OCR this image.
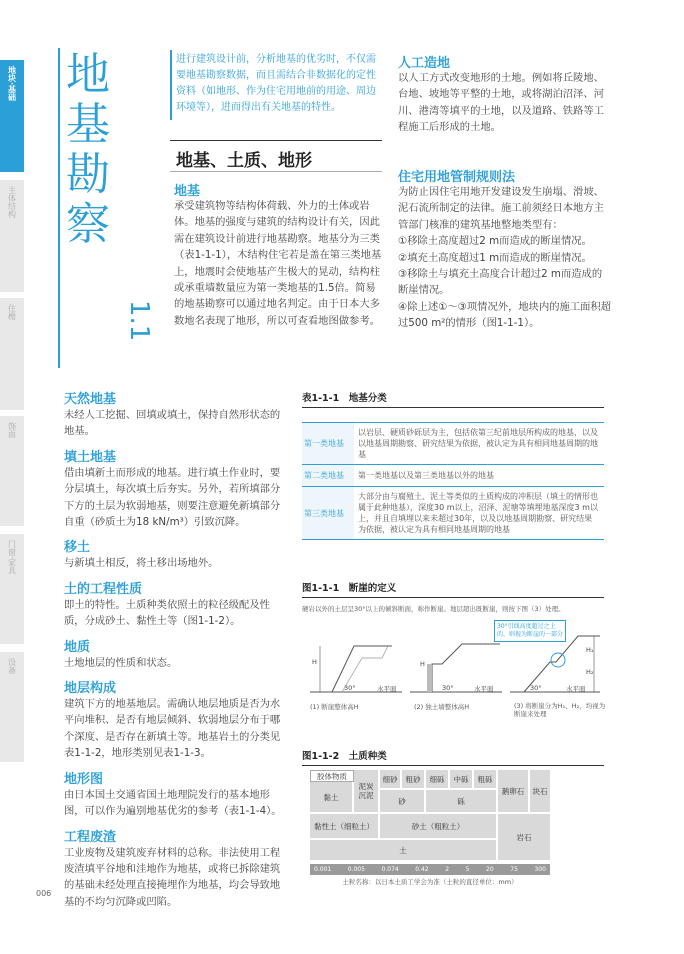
地块·基础
主体结构
住檐
饰面
门窗·家具
设备
地基勘察
1.1
进行建筑设计前，分析地基的优劣时，不仅需要地基勘察数据，而且需结合非数据化的定性资料（如地形、作为住宅用地前的用途、周边环境等），进而得出有关地基的特性。
地基、土质、地形
地基
承受建筑物等结构体荷载、外力的土体或岩体。地基的强度与建筑的结构设计有关，因此需在建筑设计前进行地基勘察。地基分为三类（表1-1-1），木结构住宅若是盖在第三类地基上，地震时会使地基产生极大的晃动，结构柱或承重墙数量应为第一类地基的1.5倍。简易的地基勘察可以通过地名判定。由于日本大多数地名表现了地形，所以可查看地图做参考。
人工造地
以人工方式改变地形的土地。例如将丘陵地、台地、坡地等平整的土地，或将湖泊沼泽、河川、港湾等填平的土地，以及道路、铁路等工程施工后形成的土地。
住宅用地管制规则法
为防止因住宅用地开发建设发生崩塌、滑坡、泥石流所制定的法律。施工前须经日本地方主管部门核准的建筑基地整地类型有：
①移除土高度超过2 m而造成的断崖情况。
②填充土高度超过1 m而造成的断崖情况。
③移除土与填充土高度合计超过2 m而造成的断崖情况。
④除上述①～③项情况外，地块内的施工面积超过500 m²的情形（图1-1-1）。
天然地基
未经人工挖掘、回填或填土，保持自然形状态的地基。
填土地基
借由填新土而形成的地基。进行填土作业时，要分层填土，每次填土后夯实。另外，若所填部分下方的土层为软弱地基，则要注意避免新填部分自重（砂质土为18 kN/m³）引致沉降。
移土
与新填土相反，将土移出场地外。
土的工程性质
即土的特性。土质种类依照土的粒径级配及性质，分成砂土、黏性土等（图1-1-2）。
地质
土地地层的性质和状态。
地层构成
建筑下方的地基地层。需确认地层地质是否为水平向堆积、是否有地层倾斜、软弱地层分布于哪个深度、是否存在新填土等。地基岩土的分类见表1-1-2，地形类别见表1-1-3。
地形图
由日本国土交通省国土地理院发行的基本地形图，可以作为遍别地基优劣的参考（表1-1-4）。
工程废渣
工业废物及建筑废弃材料的总称。非法使用工程废渣填平谷地和洼地作为地基，或将已拆除建筑的基础未经处理直接掩埋作为地基，均会导致地基的不均匀沉降或凹陷。
006
表1-1-1　地基分类
第一类地基	以岩层、硬质砂砾层为主，包括依第三纪前地层所构成的地基，以及以地基周期勘察、研究结果为依据，被认定为具有相同地基周期的地基
第二类地基	第一类地基以及第三类地基以外的地基
第三类地基	大部分由与腐殖土、泥土等类似的土质构成的冲积层（填土的情形也属于此种地基），深度30 m以上，沼泽、泥塘等填埋地基深度3 m以上，并且自填埋以来未超过30年，以及以地基周期勘察、研究结果为依据，被认定为具有相同地基周期的地基
图1-1-1　断崖的定义
硬岩以外的土层呈30°以上的倾斜断面，称作断崖。地层超出既断崖，则按下图（3）处理。
30°引线高度超过之上的，则视为断崖的一部分
30°	水平面
H
30°	水平面
H
30°	水平面
H₁
H₂
(1) 断崖整体高H	(2) 独土墙整体高H	(3) 将断崖分为H₁、H₂，均视为断崖来处理
图1-1-2　土质种类
胶体物质
黏土
泥炭
沉泥
细砂	粗砂	细砾	中砾	粗砾
鹅卵石	块石
砂	砾
黏性土（细粒土）	砂土（粗粒土）
岩石
土
0.001	0.005	0.074	0.42	2	5	20	75	300
土粒名称：以日本土质工学会为准（土粒的直径单位：mm）
